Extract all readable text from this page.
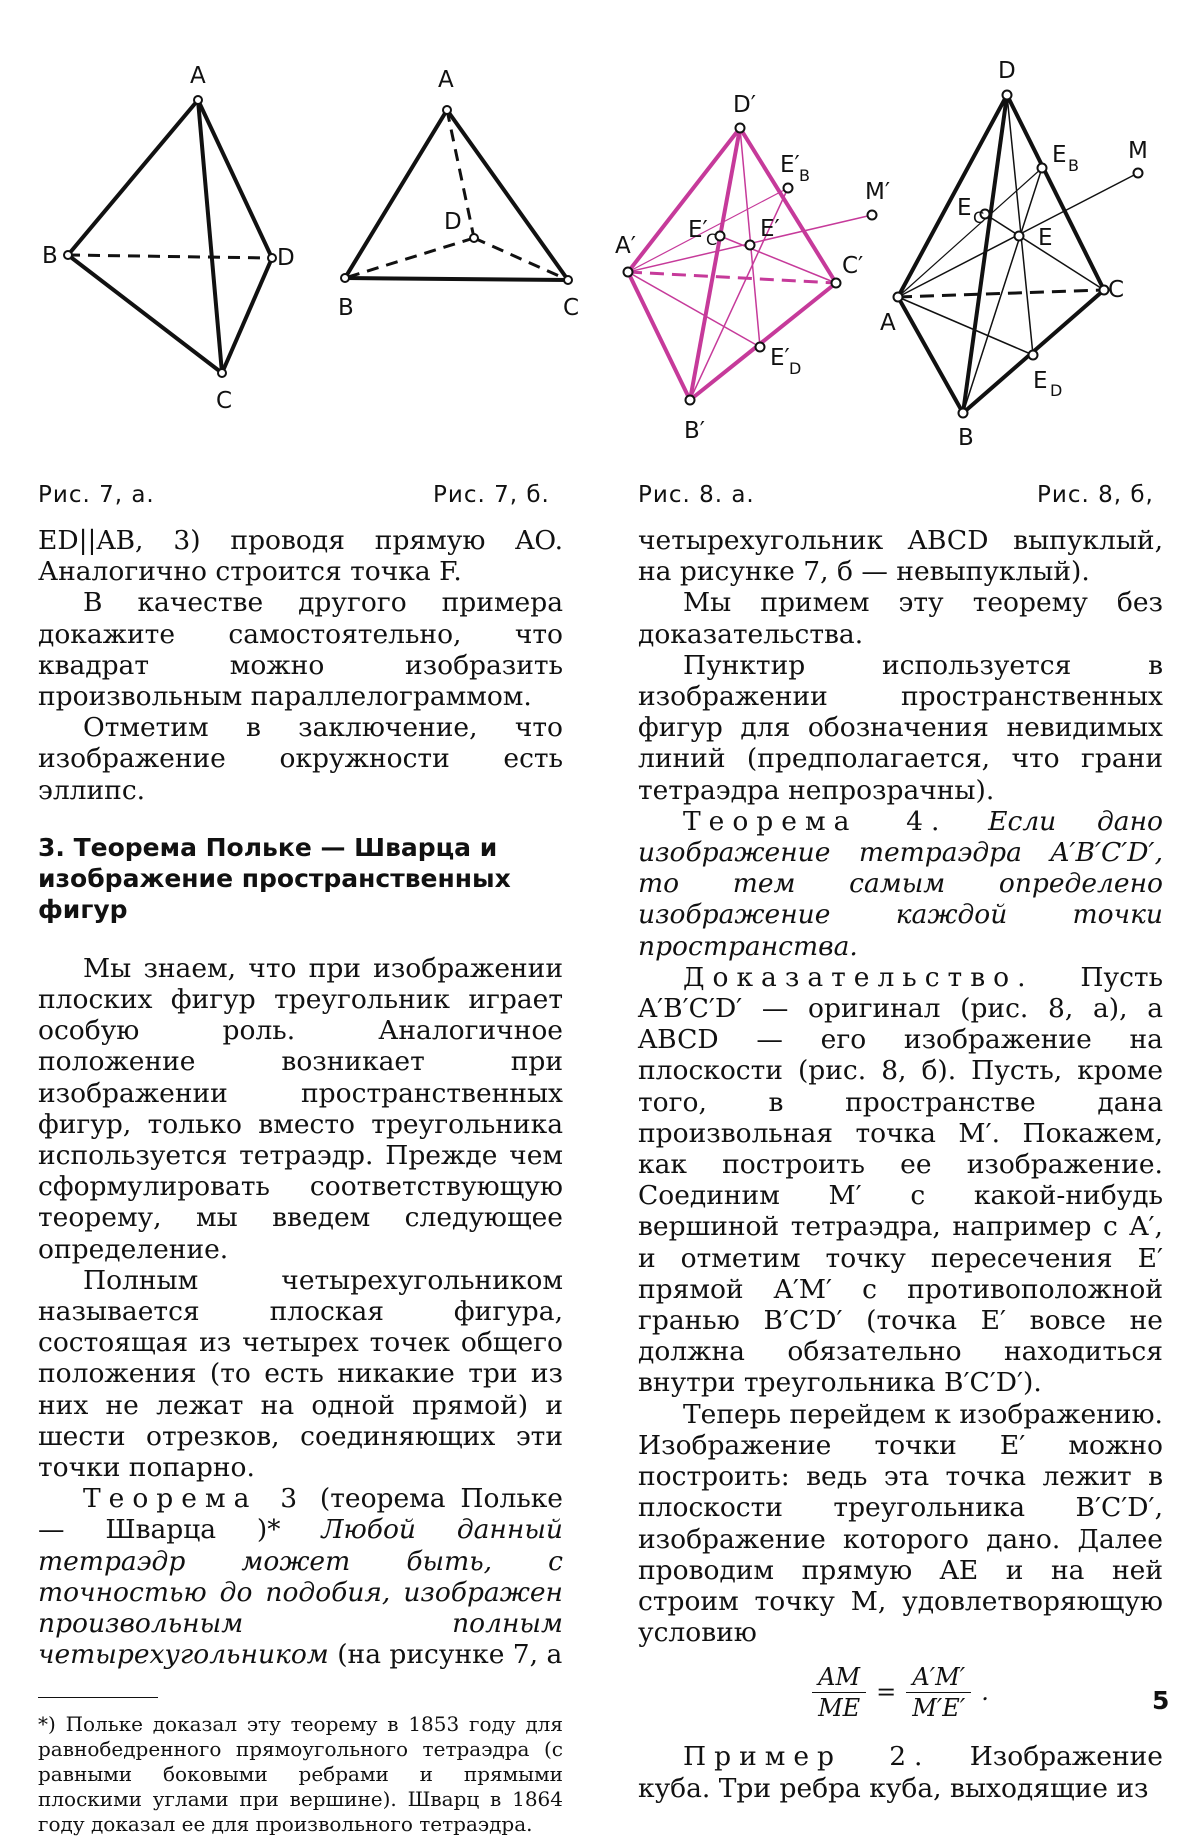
A
B
C
D
A
B	C
D
D′
A′
C′
B′
E′
M′
E′ B
E′
C
E′ D
D
A
C
B
E
M
E B
E C
E D
Рис. 7, а.	Рис. 7, б.	Рис. 8. а.	Рис. 8, б,

ED||AB, 3) проводя прямую AO. Аналогично строится точка F.

В качестве другого примера докажите самостоятельно, что квадрат можно изобразить произвольным параллелограммом.

Отметим в заключение, что изображение окружности есть эллипс.

3. Теорема Польке — Шварца и изображение пространственных фигур

Мы знаем, что при изображении плоских фигур треугольник играет особую роль. Аналогичное положение возникает при изображении пространственных фигур, только вместо треугольника используется тетраэдр. Прежде чем сформулировать соответствующую теорему, мы введем следующее определение.

Полным четырехугольником называется плоская фигура, состоящая из четырех точек общего положения (то есть никакие три из них не лежат на одной прямой) и шести отрезков, соединяющих эти точки попарно.

Теорема 3 (теорема Польке — Шварца )* Любой данный тетраэдр может быть, с точностью до подобия, изображен произвольным полным четырехугольником (на рисунке 7, а

*) Польке доказал эту теорему в 1853 году для равнобедренного прямоугольного тетраэдра (с равными боковыми ребрами и прямыми плоскими углами при вершине). Шварц в 1864 году доказал ее для произвольного тетраэдра.

четырехугольник ABCD выпуклый, на рисунке 7, б — невыпуклый).

Мы примем эту теорему без доказательства.

Пунктир используется в изображении пространственных фигур для обозначения невидимых линий (предполагается, что грани тетраэдра непрозрачны).

Теорема 4. Если дано изображение тетраэдра A′B′C′D′, то тем самым определено изображение каждой точки пространства.

Доказательство. Пусть A′B′C′D′ — оригинал (рис. 8, а), а ABCD — его изображение на плоскости (рис. 8, б). Пусть, кроме того, в пространстве дана произвольная точка M′. Покажем, как построить ее изображение. Соединим M′ с какой-нибудь вершиной тетраэдра, например с A′, и отметим точку пересечения E′ прямой A′M′ с противоположной гранью B′C′D′ (точка E′ вовсе не должна обязательно находиться внутри треугольника B′C′D′).

Теперь перейдем к изображению. Изображение точки E′ можно построить: ведь эта точка лежит в плоскости треугольника B′C′D′, изображение которого дано. Далее проводим прямую AE и на ней строим точку M, удовлетворяющую условию

$\frac{AM}{ME} = \frac{A'M'}{M'E'}$ .

Пример 2. Изображение куба. Три ребра куба, выходящие из

5
